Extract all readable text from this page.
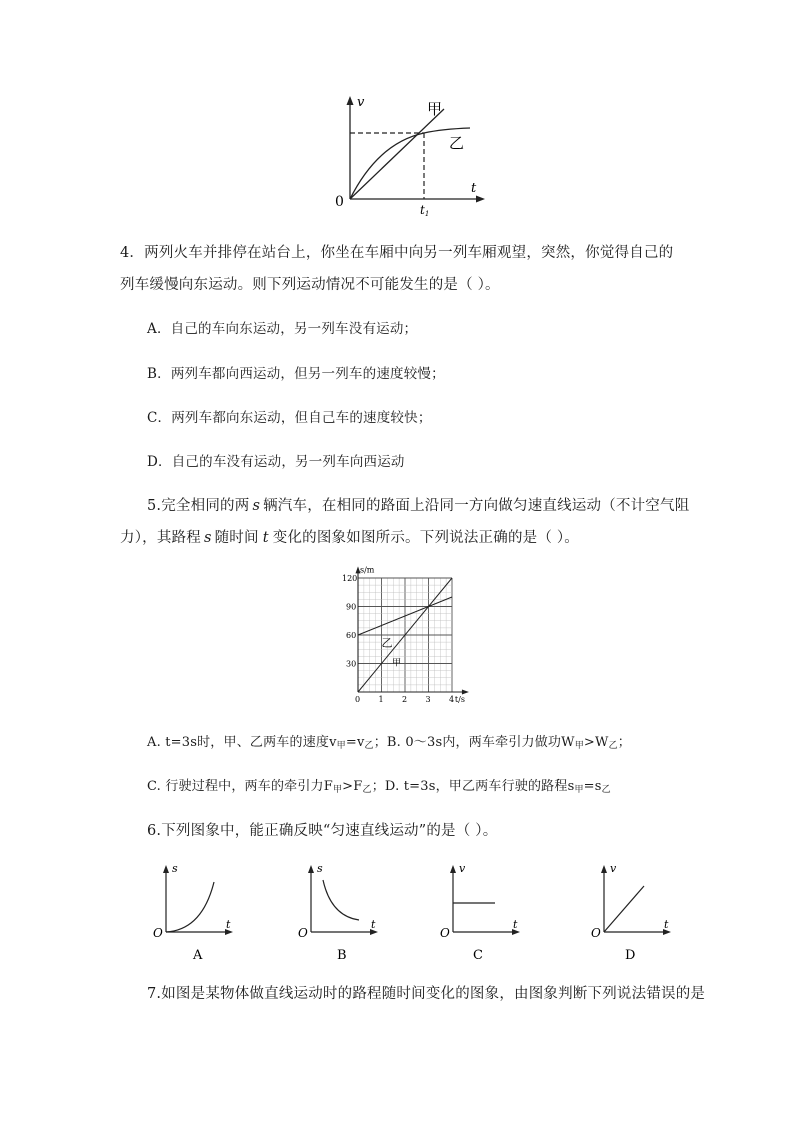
v
t
0
甲
乙
t1
4．两列火车并排停在站台上，你坐在车厢中向另一列车厢观望，突然，你觉得自己的
列车缓慢向东运动。则下列运动情况不可能发生的是（ ）。
A．自己的车向东运动，另一列车没有运动；
B．两列车都向西运动，但另一列车的速度较慢；
C．两列车都向东运动，但自己车的速度较快；
D．自己的车没有运动，另一列车向西运动
5.完全相同的两 s 辆汽车，在相同的路面上沿同一方向做匀速直线运动（不计空气阻
力），其路程 s 随时间 t 变化的图象如图所示。下列说法正确的是（ ）。
0 1 2 3 4
30
60
90
120
s/m
t/s
甲
乙
A. t=3s时，甲、乙两车的速度$v_甲=v_乙$；B. 0～3s内，两车牵引力做功$W_甲>W_乙$；
C. 行驶过程中，两车的牵引力$F_甲>F_乙$；D. t=3s，甲乙两车行驶的路程$s_甲=s_乙$
6.下列图象中，能正确反映“匀速直线运动”的是（ ）。
s
t
O
A
s
t
O
B
v
t
O
C
v
t
O
D
7.如图是某物体做直线运动时的路程随时间变化的图象，由图象判断下列说法错误的是
